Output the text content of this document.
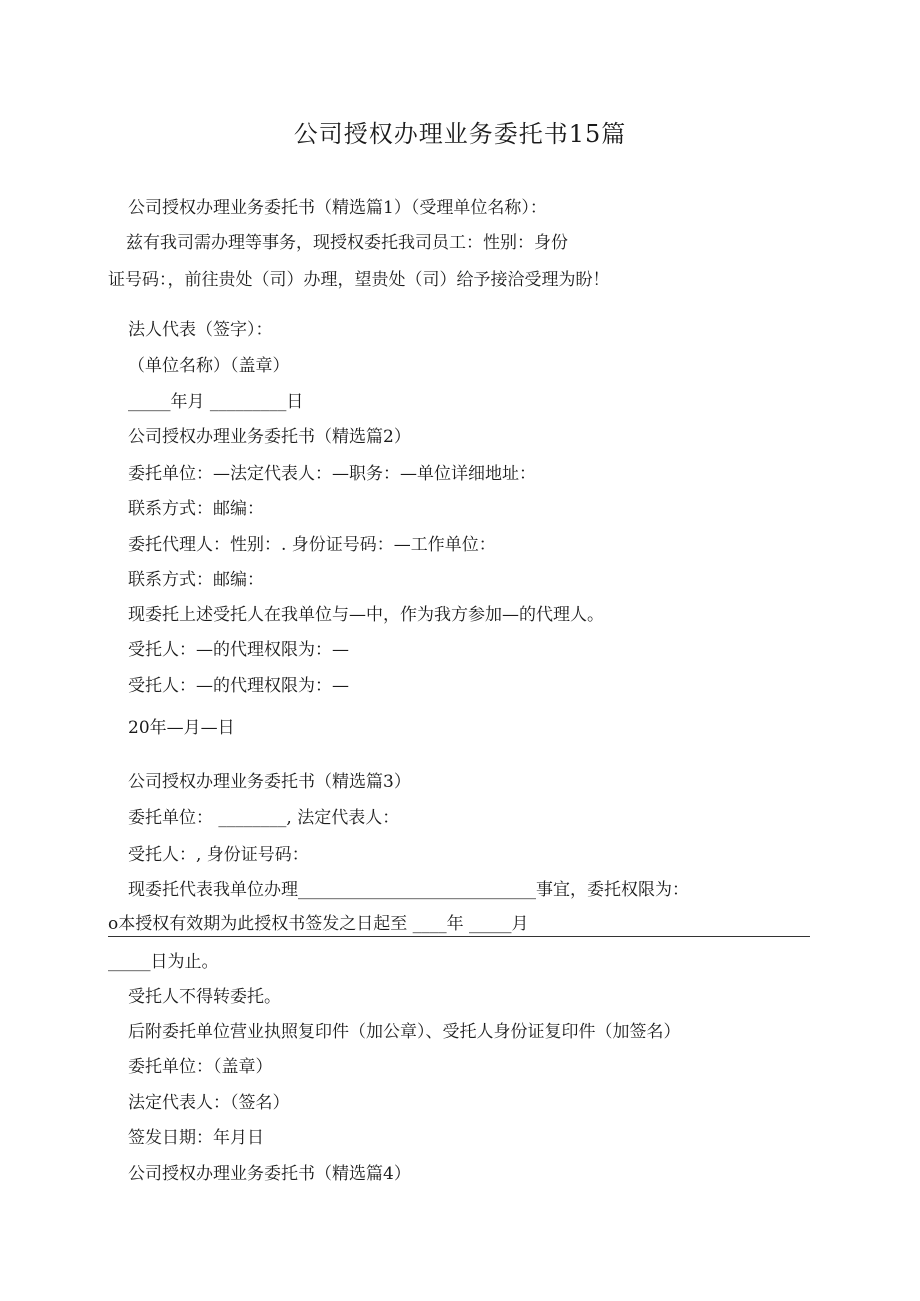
公司授权办理业务委托书15篇
公司授权办理业务委托书（精选篇1）（受理单位名称）：
兹有我司需办理等事务，现授权委托我司员工：性别：身份
证号码：，前往贵处（司）办理，望贵处（司）给予接洽受理为盼！
法人代表（签字）：
（单位名称）（盖章）
_____年月 _________日
公司授权办理业务委托书（精选篇2）
委托单位：—法定代表人：—职务：—单位详细地址：
联系方式：邮编：
委托代理人：性别：. 身份证号码：—工作单位：
联系方式：邮编：
现委托上述受托人在我单位与—中，作为我方参加—的代理人。
受托人：—的代理权限为：—
受托人：—的代理权限为：—
20年—月—日
公司授权办理业务委托书（精选篇3）
委托单位： ________, 法定代表人：
受托人：, 身份证号码：
现委托代表我单位办理____________________________事宜，委托权限为：
o本授权有效期为此授权书签发之日起至 ____年 _____月
_____日为止。
受托人不得转委托。
后附委托单位营业执照复印件（加公章）、受托人身份证复印件（加签名）
委托单位：（盖章）
法定代表人：（签名）
签发日期：年月日
公司授权办理业务委托书（精选篇4）
